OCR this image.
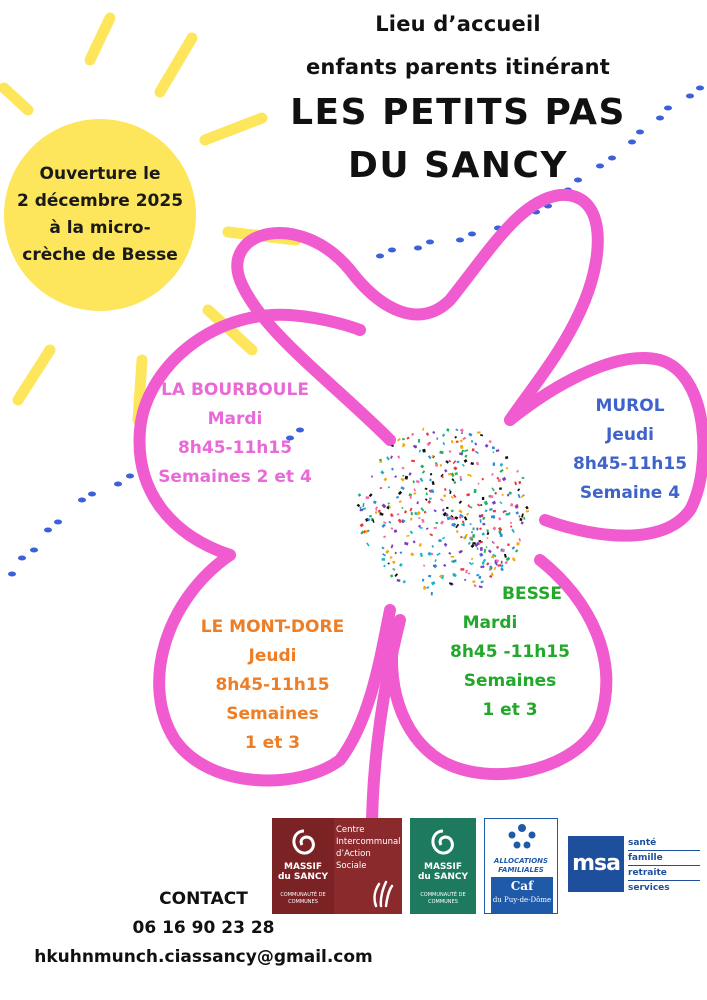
Lieu d’accueil
enfants parents itinérant
LES PETITS PAS
DU SANCY
Ouverture le
2 décembre 2025
à la micro-
crèche de Besse
LA BOURBOULE
Mardi
8h45-11h15
Semaines 2 et 4
MUROL
Jeudi
8h45-11h15
Semaine 4
BESSE
Mardi
8h45 -11h15
Semaines
1 et 3
LE MONT-DORE
Jeudi
8h45-11h15
Semaines
1 et 3
CONTACT
06 16 90 23 28
hkuhnmunch.ciassancy@gmail.com
MASSIF
du SANCY
COMMUNAUTÉ DE COMMUNES
Centre
Intercommunal
d’Action
Sociale	MASSIF
du SANCY
COMMUNAUTÉ DE COMMUNES
ALLOCATIONS
FAMILIALES
Caf
du Puy-de-Dôme
msa
santé
famille
retraite
services
